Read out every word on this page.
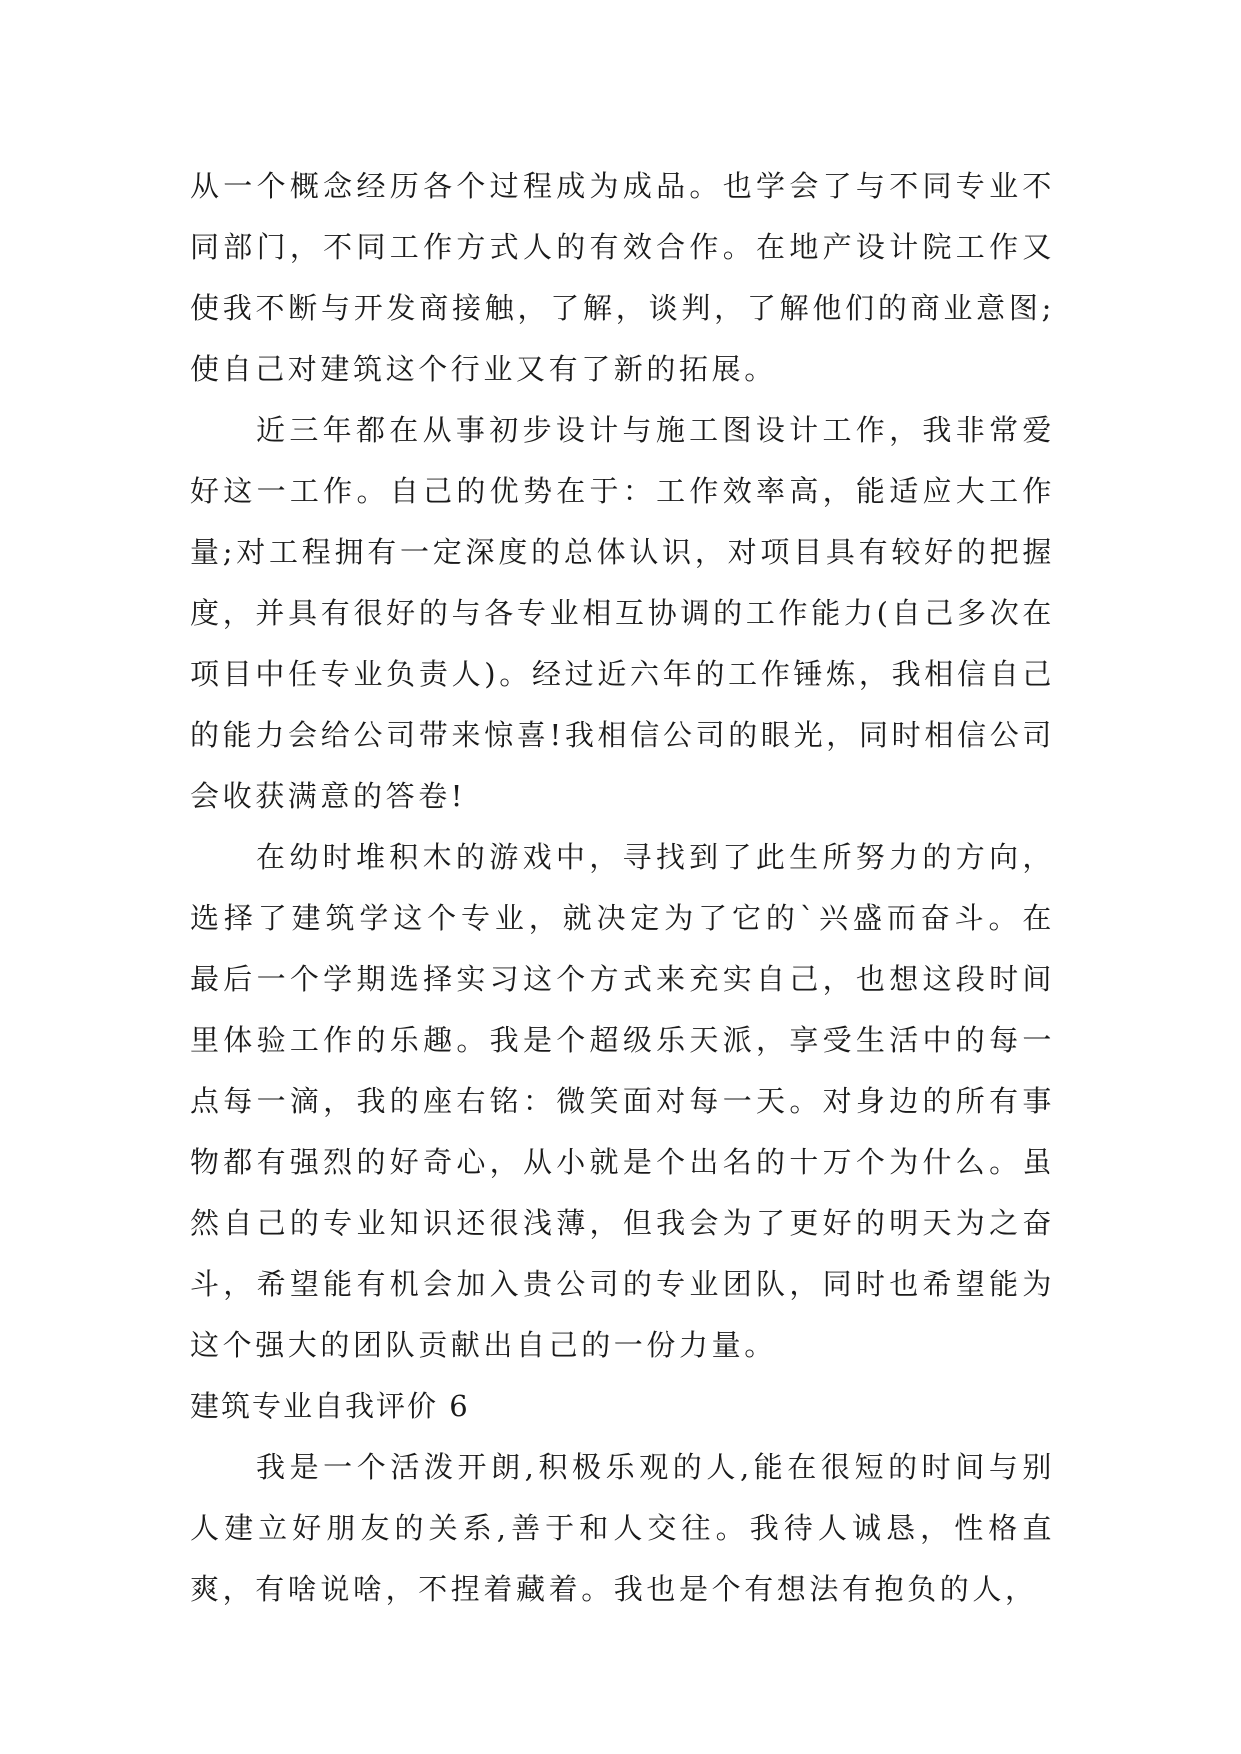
从一个概念经历各个过程成为成品。也学会了与不同专业不同部门，不同工作方式人的有效合作。在地产设计院工作又使我不断与开发商接触，了解，谈判，了解他们的商业意图;使自己对建筑这个行业又有了新的拓展。

近三年都在从事初步设计与施工图设计工作，我非常爱好这一工作。自己的优势在于：工作效率高，能适应大工作量;对工程拥有一定深度的总体认识，对项目具有较好的把握度，并具有很好的与各专业相互协调的工作能力(自己多次在项目中任专业负责人)。经过近六年的工作锤炼，我相信自己的能力会给公司带来惊喜!我相信公司的眼光，同时相信公司会收获满意的答卷!

在幼时堆积木的游戏中，寻找到了此生所努力的方向，选择了建筑学这个专业，就决定为了它的`兴盛而奋斗。在最后一个学期选择实习这个方式来充实自己，也想这段时间里体验工作的乐趣。我是个超级乐天派，享受生活中的每一点每一滴，我的座右铭：微笑面对每一天。对身边的所有事物都有强烈的好奇心，从小就是个出名的十万个为什么。虽然自己的专业知识还很浅薄，但我会为了更好的明天为之奋斗，希望能有机会加入贵公司的专业团队，同时也希望能为这个强大的团队贡献出自己的一份力量。

建筑专业自我评价 6

我是一个活泼开朗,积极乐观的人,能在很短的时间与别人建立好朋友的关系,善于和人交往。我待人诚恳，性格直爽，有啥说啥，不捏着藏着。我也是个有想法有抱负的人，
